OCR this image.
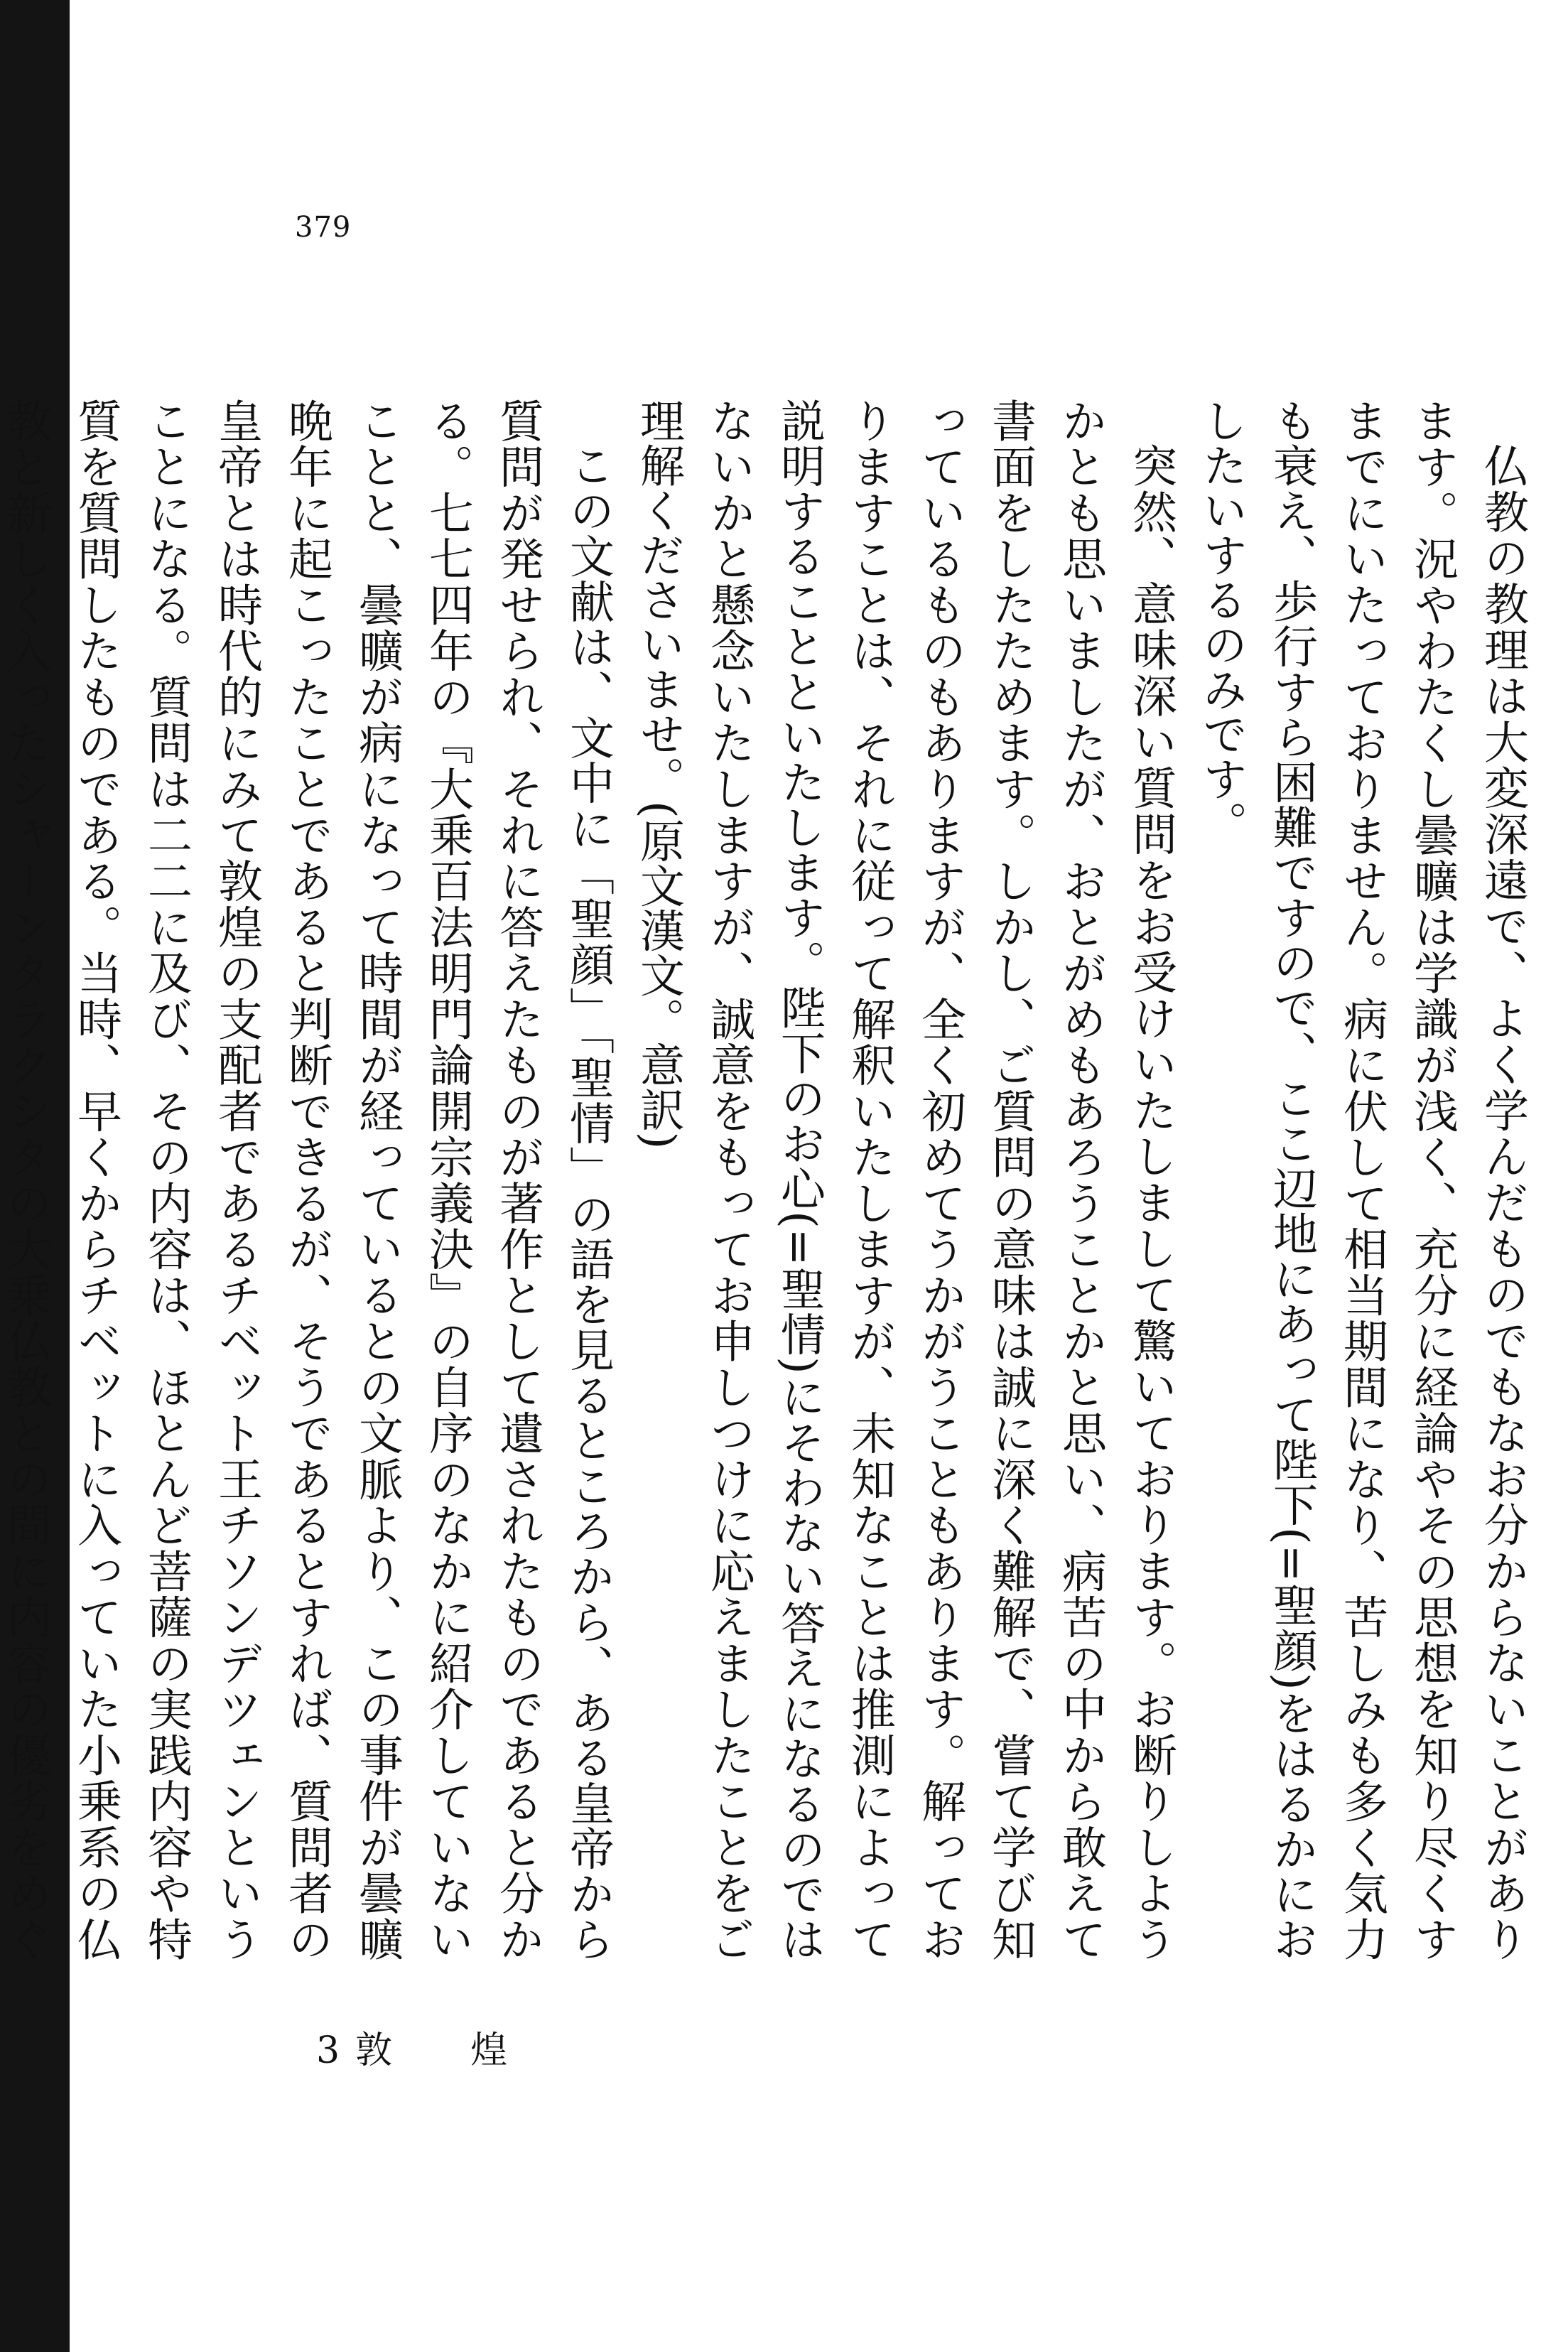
379

仏教の教理は大変深遠で、よく学んだものでもなお分からないことがあります。況やわたくし曇曠は学識が浅く、充分に経論やその思想を知り尽くすまでにいたっておりません。病に伏して相当期間になり、苦しみも多く気力も衰え、歩行すら困難ですので、ここ辺地にあって陛下(=聖顔)をはるかにおしたいするのみです。

突然、意味深い質問をお受けいたしまして驚いております。お断りしようかとも思いましたが、おとがめもあろうことかと思い、病苦の中から敢えて書面をしたためます。しかし、ご質問の意味は誠に深く難解で、嘗て学び知っているものもありますが、全く初めてうかがうこともあります。解っておりますことは、それに従って解釈いたしますが、未知なことは推測によって説明することといたします。陛下のお心(=聖情)にそわない答えになるのではないかと懸念いたしますが、誠意をもってお申しつけに応えましたことをご理解くださいませ。(原文漢文。意訳)

この文献は、文中に「聖顔」「聖情」の語を見るところから、ある皇帝から質問が発せられ、それに答えたものが著作として遺されたものであると分かる。七七四年の『大乗百法明門論開宗義決』の自序のなかに紹介していないことと、曇曠が病になって時間が経っているとの文脈より、この事件が曇曠晩年に起こったことであると判断できるが、そうであるとすれば、質問者の皇帝とは時代的にみて敦煌の支配者であるチベット王チソンデツェンということになる。質問は二二に及び、その内容は、ほとんど菩薩の実践内容や特質を質問したものである。当時、早くからチベットに入っていた小乗系の仏教と新しく入ったシャーンタラクシタの大乗仏教との間に内容の優劣をめぐ

3 敦 煌
